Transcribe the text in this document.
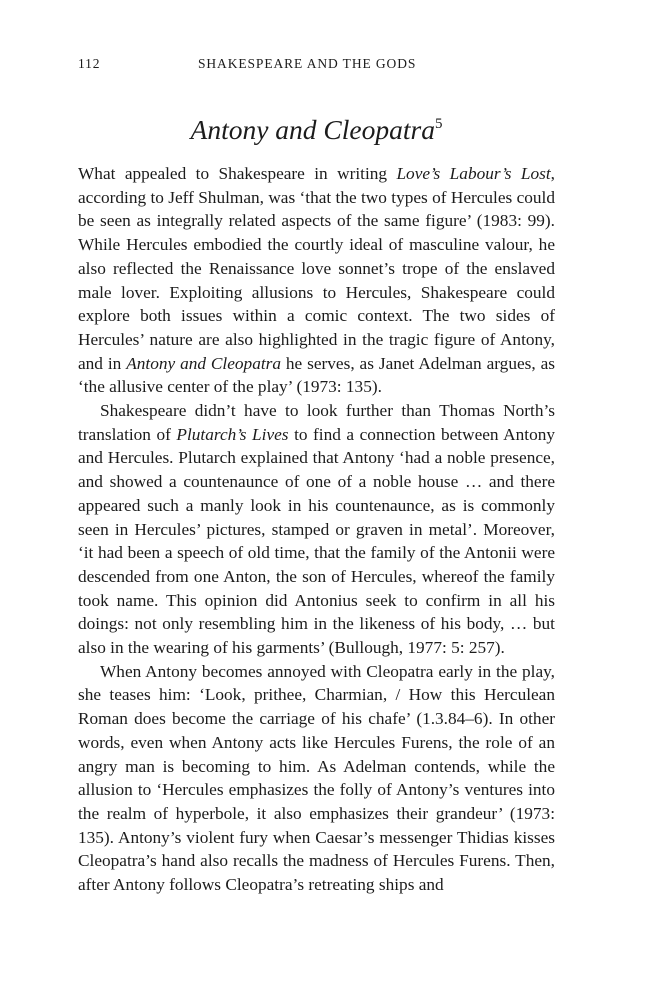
112	SHAKESPEARE AND THE GODS
Antony and Cleopatra$^5$

What appealed to Shakespeare in writing Love’s Labour’s Lost, according to Jeff Shulman, was ‘that the two types of Hercules could be seen as integrally related aspects of the same figure’ (1983: 99). While Hercules embodied the courtly ideal of masculine valour, he also reflected the Renaissance love sonnet’s trope of the enslaved male lover. Exploiting allusions to Hercules, Shakespeare could explore both issues within a comic context. The two sides of Hercules’ nature are also highlighted in the tragic figure of Antony, and in Antony and Cleopatra he serves, as Janet Adelman argues, as ‘the allusive center of the play’ (1973: 135).

Shakespeare didn’t have to look further than Thomas North’s translation of Plutarch’s Lives to find a connection between Antony and Hercules. Plutarch explained that Antony ‘had a noble presence, and showed a countenaunce of one of a noble house … and there appeared such a manly look in his countenaunce, as is commonly seen in Hercules’ pictures, stamped or graven in metal’. Moreover, ‘it had been a speech of old time, that the family of the Antonii were descended from one Anton, the son of Hercules, whereof the family took name. This opinion did Antonius seek to confirm in all his doings: not only resembling him in the likeness of his body, … but also in the wearing of his garments’ (Bullough, 1977: 5: 257).

When Antony becomes annoyed with Cleopatra early in the play, she teases him: ‘Look, prithee, Charmian, / How this Herculean Roman does become the carriage of his chafe’ (1.3.84–6). In other words, even when Antony acts like Hercules Furens, the role of an angry man is becoming to him. As Adelman contends, while the allusion to ‘Hercules emphasizes the folly of Antony’s ventures into the realm of hyperbole, it also emphasizes their grandeur’ (1973: 135). Antony’s violent fury when Caesar’s messenger Thidias kisses Cleopatra’s hand also recalls the madness of Hercules Furens. Then, after Antony follows Cleopatra’s retreating ships and
